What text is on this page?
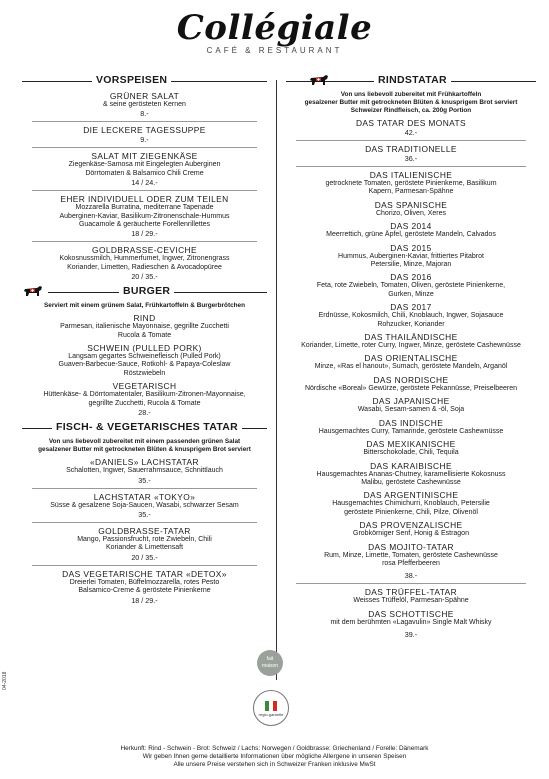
Collégiale
CAFÉ & RESTAURANT
VORSPEISEN
GRÜNER SALAT
& seine gerösteten Kernen
8.-
DIE LECKERE TAGESSUPPE
9.-
SALAT MIT ZIEGENKÄSE
Ziegenkäse-Samosa mit Eingelegten Auberginen
Dörrtomaten & Balsamico Chili Creme
14 / 24.-
EHER INDIVIDUELL ODER ZUM TEILEN
Mozzarella Burratina, mediterrane Tapenade
Auberginen-Kaviar, Basilikum-Zitronenschale-Hummus
Guacamole & geräucherte Forellenrillettes
18 / 29.-
GOLDBRASSE-CEVICHE
Kokosnussmilch, Hummerfumet, Ingwer, Zitronengrass
Koriander, Limetten, Radieschen & Avocadopüree
20 / 35.-
BURGER
Serviert mit einem grünem Salat, Frühkartoffeln & Burgerbrötchen
RIND
Parmesan, italienische Mayonnaise, gegrillte Zucchetti
Rucola & Tomate
SCHWEIN (PULLED PORK)
Langsam gegartes Schweinefleisch (Pulled Pork)
Guaven-Barbecue-Sauce, Rotkohl- & Papaya-Coleslaw
Röstzwiebeln
VEGETARISCH
Hüttenkäse- & Dörrtomatentaler, Basilikum-Zitronen-Mayonnaise,
gegrillte Zucchetti, Rucola & Tomate
28.-
FISCH- & VEGETARISCHES TATAR
Von uns liebevoll zubereitet mit einem passenden grünen Salat
gesalzener Butter mit getrockneten Blüten & knusprigem Brot serviert
«DANIELS» LACHSTATAR
Schalotten, Ingwer, Sauerrahmsauce, Schnittlauch
35.-
LACHSTATAR «TOKYO»
Süsse & gesalzene Soja-Saucen, Wasabi, schwarzer Sesam
35.-
GOLDBRASSE-TATAR
Mango, Passionsfrucht, rote Zwiebeln, Chili
Koriander & Limettensaft
20 / 35.-
DAS VEGETARISCHE TATAR «DETOX»
Dreierlei Tomaten, Büffelmozzarella, rotes Pesto
Balsamico-Creme & geröstete Pinienkerne
18 / 29.-
RINDSTATAR
Von uns liebevoll zubereitet mit Frühkartoffeln
gesalzener Butter mit getrockneten Blüten & knusprigem Brot serviert
Schweizer Rindfleisch, ca. 200g Portion
DAS TATAR DES MONATS
42.-
DAS TRADITIONELLE
36.-
DAS ITALIENISCHE
getrocknete Tomaten, geröstete Pinienkerne, Basilikum
Kapern, Parmesan-Spähne
DAS SPANISCHE
Chorizo, Oliven, Xeres
DAS 2014
Meerrettich, grüne Äpfel, geröstete Mandeln, Calvados
DAS 2015
Hummus, Auberginen-Kaviar, frittiertes Pitabrot
Petersilie, Minze, Majoran
DAS 2016
Feta, rote Zwiebeln, Tomaten, Oliven, geröstete Pinienkerne,
Gurken, Minze
DAS 2017
Erdnüsse, Kokosmilch, Chili, Knoblauch, Ingwer, Sojasauce
Rohzucker, Koriander
DAS THAILÄNDISCHE
Koriander, Limette, roter Curry, Ingwer, Minze, geröstete Cashewnüsse
DAS ORIENTALISCHE
Minze, «Ras el hanout», Sumach, geröstete Mandeln, Arganöl
DAS NORDISCHE
Nördische «Boreal» Gewürze, geröstete Pekannüsse, Preiselbeeren
DAS JAPANISCHE
Wasabi, Sesam-samen & -öl, Soja
DAS INDISCHE
Hausgemachtes Curry, Tamarinde, geröstete Cashewnüsse
DAS MEXIKANISCHE
Bitterschokolade, Chili, Tequila
DAS KARAIBISCHE
Hausgemachtes Ananas-Chutney, karamellisierte Kokosnuss
Malibu, geröstete Cashewnüsse
DAS ARGENTINISCHE
Hausgemachtes Chimichurri, Knoblauch, Petersilie
geröstete Pinienkerne, Chili, Pilze, Olivenöl
DAS PROVENZALISCHE
Grobkörniger Senf, Honig & Estragon
DAS MOJITO-TATAR
Rum, Minze, Limette, Tomaten, geröstete Cashewnüsse
rosa Pfefferbeeren
38.-
DAS TRÜFFEL-TATAR
Weisses Trüffelöl, Parmesan-Spähne
DAS SCHOTTISCHE
mit dem berühmten «Lagavulin» Single Malt Whisky
39.-
fait
maison
regio-garantie
04-2018
Herkunft: Rind - Schwein - Brot: Schweiz / Lachs: Norwegen / Goldbrasse: Griechenland / Forelle: Dänemark
Wir geben Ihnen gerne detaillierte Informationen über mögliche Allergene in unseren Speisen
Alle unsere Preise verstehen sich in Schweizer Franken inklusive MwSt
